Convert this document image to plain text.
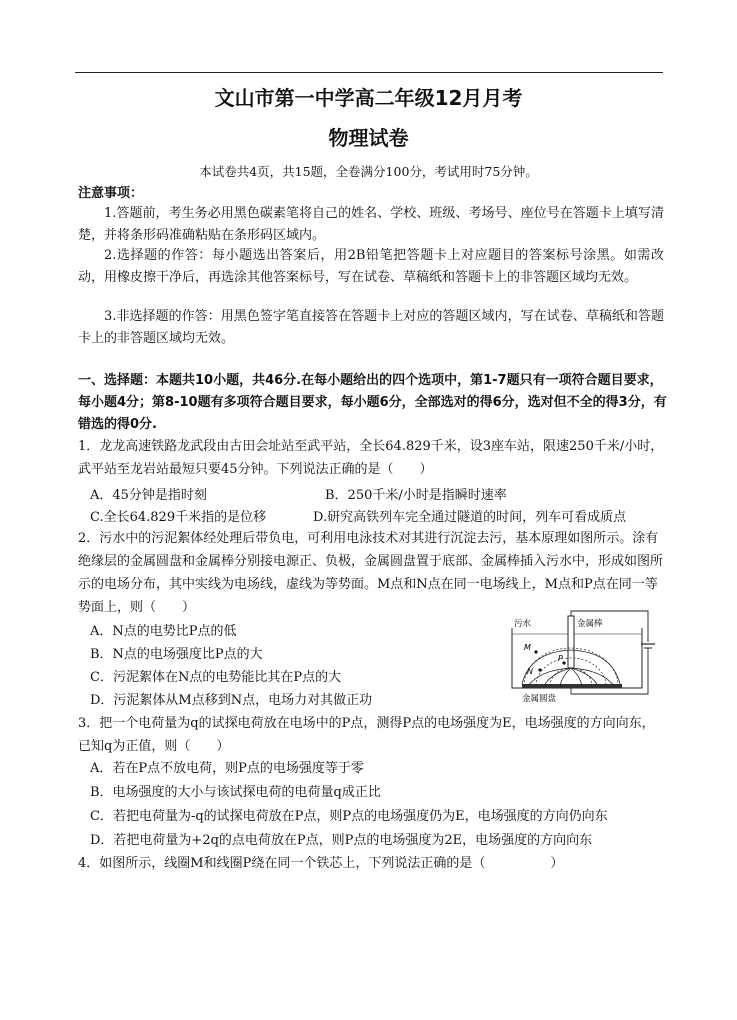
文山市第一中学高二年级12月月考
物理试卷
本试卷共4页，共15题，全卷满分100分，考试用时75分钟。
注意事项：
1.答题前，考生务必用黑色碳素笔将自己的姓名、学校、班级、考场号、座位号在答题卡上填写清楚，并将条形码准确粘贴在条形码区域内。
2.选择题的作答：每小题选出答案后，用2B铅笔把答题卡上对应题目的答案标号涂黑。如需改动，用橡皮擦干净后，再选涂其他答案标号，写在试卷、草稿纸和答题卡上的非答题区域均无效。
3.非选择题的作答：用黑色签字笔直接答在答题卡上对应的答题区域内，写在试卷、草稿纸和答题卡上的非答题区域均无效。
一、选择题：本题共10小题，共46分.在每小题给出的四个选项中，第1-7题只有一项符合题目要求，每小题4分；第8-10题有多项符合题目要求，每小题6分，全部选对的得6分，选对但不全的得3分，有错选的得0分.
1．龙龙高速铁路龙武段由古田会址站至武平站，全长64.829千米，设3座车站，限速250千米/小时，武平站至龙岩站最短只要45分钟。下列说法正确的是（　　）
A．45分钟是指时刻	B．250千米/小时是指瞬时速率
C.全长64.829千米指的是位移	D.研究高铁列车完全通过隧道的时间，列车可看成质点
2．污水中的污泥絮体经处理后带负电，可利用电泳技术对其进行沉淀去污，基本原理如图所示。涂有绝缘层的金属圆盘和金属棒分别接电源正、负极，金属圆盘置于底部、金属棒插入污水中，形成如图所示的电场分布，其中实线为电场线，虚线为等势面。M点和N点在同一电场线上，M点和P点在同一等势面上，则（　　）
A．N点的电势比P点的低
B．N点的电场强度比P点的大
C．污泥絮体在N点的电势能比其在P点的大
D．污泥絮体从M点移到N点，电场力对其做正功
M
N
P
污水	金属棒
金属圆盘
3．把一个电荷量为q的试探电荷放在电场中的P点，测得P点的电场强度为E，电场强度的方向向东，已知q为正值，则（　　）
A．若在P点不放电荷，则P点的电场强度等于零
B．电场强度的大小与该试探电荷的电荷量q成正比
C．若把电荷量为-q的试探电荷放在P点，则P点的电场强度仍为E，电场强度的方向仍向东
D．若把电荷量为+2q的点电荷放在P点，则P点的电场强度为2E，电场强度的方向向东
4．如图所示，线圈M和线圈P绕在同一个铁芯上，下列说法正确的是（　　　　　）
